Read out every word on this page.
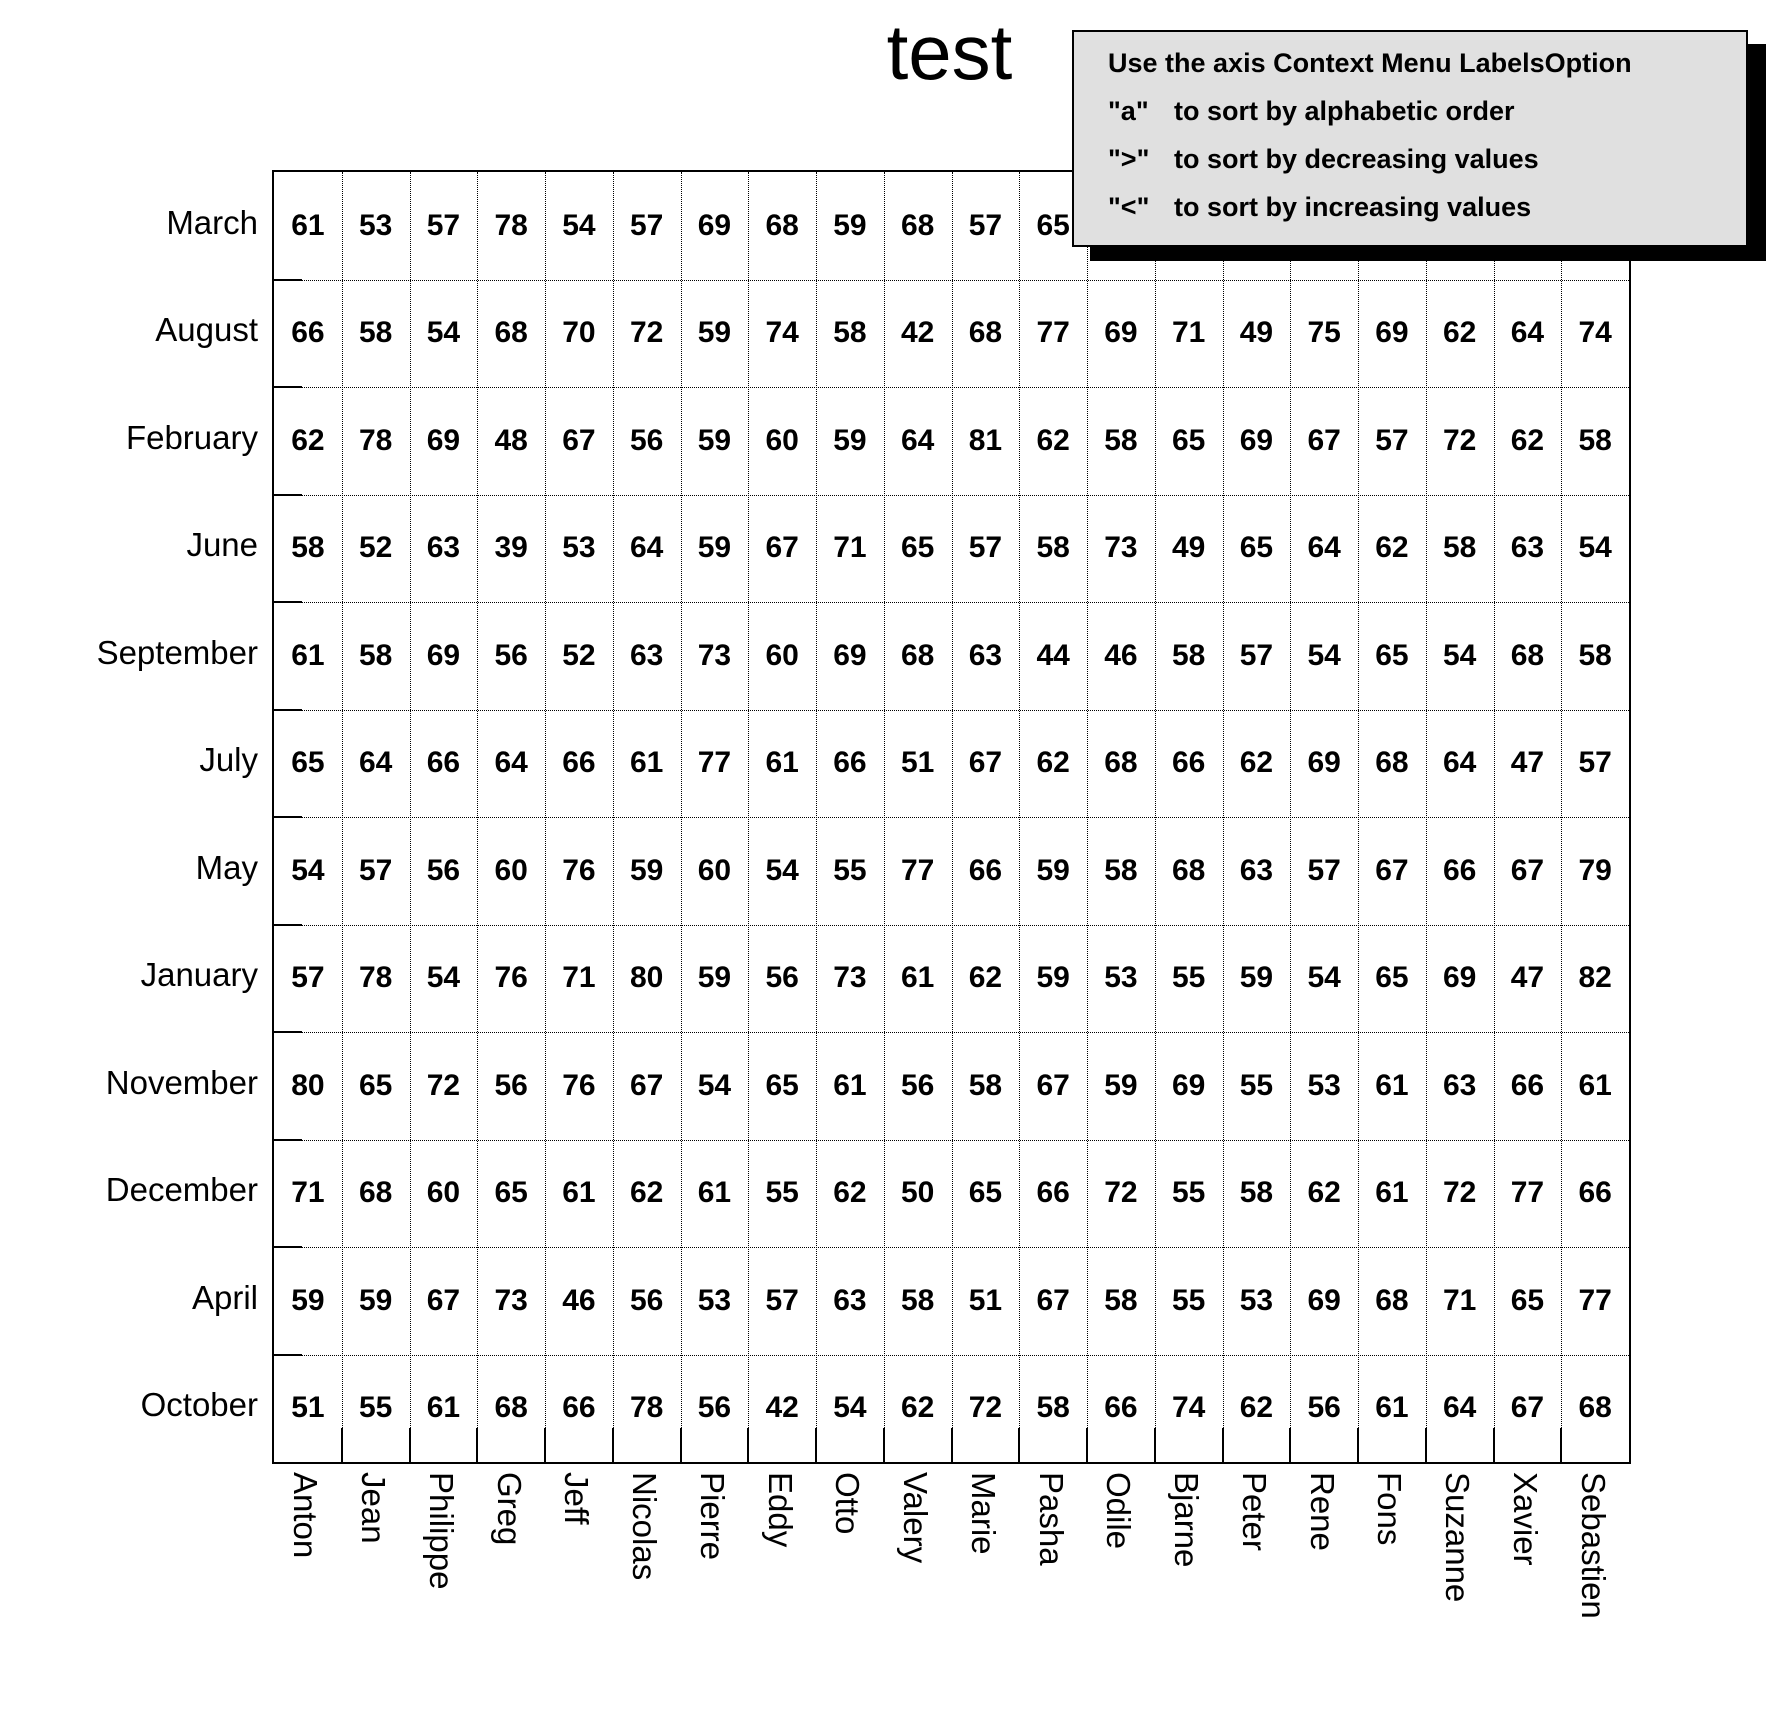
test
61 53 57 78 54 57 69 68 59 68 57 65
66 58 54 68 70 72 59 74 58 42 68 77 69 71 49 75 69 62 64 74
62 78 69 48 67 56 59 60 59 64 81 62 58 65 69 67 57 72 62 58
58 52 63 39 53 64 59 67 71 65 57 58 73 49 65 64 62 58 63 54
61 58 69 56 52 63 73 60 69 68 63 44 46 58 57 54 65 54 68 58
65 64 66 64 66 61 77 61 66 51 67 62 68 66 62 69 68 64 47 57
54 57 56 60 76 59 60 54 55 77 66 59 58 68 63 57 67 66 67 79
57 78 54 76 71 80 59 56 73 61 62 59 53 55 59 54 65 69 47 82
80 65 72 56 76 67 54 65 61 56 58 67 59 69 55 53 61 63 66 61
71 68 60 65 61 62 61 55 62 50 65 66 72 55 58 62 61 72 77 66
59 59 67 73 46 56 53 57 63 58 51 67 58 55 53 69 68 71 65 77
51 55 61 68 66 78 56 42 54 62 72 58 66 74 62 56 61 64 67 68
March
August
February
June
September
July
May
January
November
December
April
October
Anton Jean Philippe Greg Jeff Nicolas Pierre Eddy Otto Valery Marie Pasha Odile Bjarne Peter Rene Fons Suzanne Xavier Sebastien
Use the axis Context Menu LabelsOption
"a" to sort by alphabetic order
">" to sort by decreasing values
"<" to sort by increasing values
